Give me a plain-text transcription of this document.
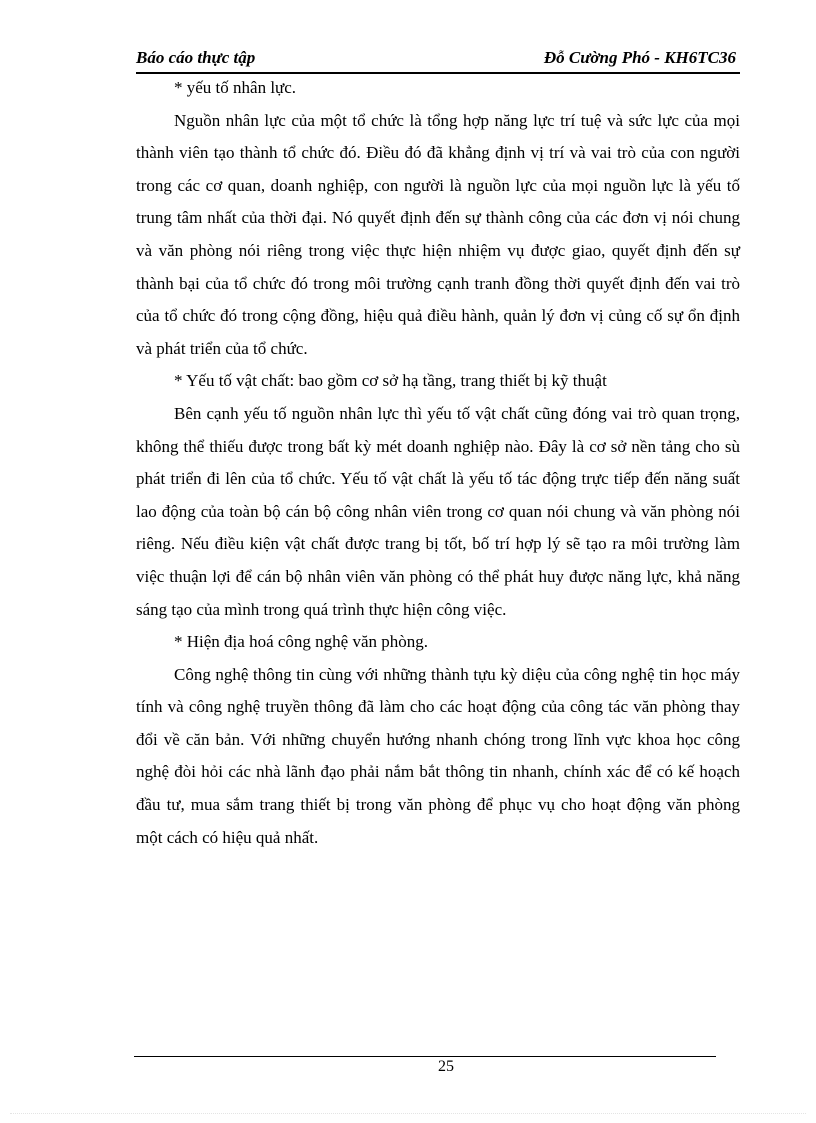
Báo cáo thực tập	Đỗ Cường Phó - KH6TC36

* yếu tố nhân lực.

Nguồn nhân lực của một tổ chức là tổng hợp năng lực trí tuệ và sức lực của mọi thành viên tạo thành tổ chức đó. Điều đó đã khẳng định vị trí và vai trò của con người trong các cơ quan, doanh nghiệp, con người là nguồn lực của mọi nguồn lực là yếu tố trung tâm nhất của thời đại. Nó quyết định đến sự thành công của các đơn vị nói chung và văn phòng nói riêng trong việc thực hiện nhiệm vụ được giao, quyết định đến sự thành bại của tổ chức đó trong môi trường cạnh tranh đồng thời quyết định đến vai trò của tổ chức đó trong cộng đồng, hiệu quả điều hành, quản lý đơn vị củng cố sự ổn định và phát triển của tổ chức.

* Yếu tố vật chất: bao gồm cơ sở hạ tầng, trang thiết bị kỹ thuật

Bên cạnh yếu tố nguồn nhân lực thì yếu tố vật chất cũng đóng vai trò quan trọng, không thể thiếu được trong bất kỳ mét doanh nghiệp nào. Đây là cơ sở nền tảng cho sù phát triển đi lên của tổ chức. Yếu tố vật chất là yếu tố tác động trực tiếp đến năng suất lao động của toàn bộ cán bộ công nhân viên trong cơ quan nói chung và văn phòng nói riêng. Nếu điều kiện vật chất được trang bị tốt, bố trí hợp lý sẽ tạo ra môi trường làm việc thuận lợi để cán bộ nhân viên văn phòng có thể phát huy được năng lực, khả năng sáng tạo của mình trong quá trình thực hiện công việc.

* Hiện địa hoá công nghệ văn phòng.

Công nghệ thông tin cùng với những thành tựu kỳ diệu của công nghệ tin học máy tính và công nghệ truyền thông đã làm cho các hoạt động của công tác văn phòng thay đổi về căn bản. Với những chuyển hướng nhanh chóng trong lĩnh vực khoa học công nghệ đòi hỏi các nhà lãnh đạo phải nắm bắt thông tin nhanh, chính xác để có kế hoạch đầu tư, mua sắm trang thiết bị trong văn phòng để phục vụ cho hoạt động văn phòng một cách có hiệu quả nhất.

25
